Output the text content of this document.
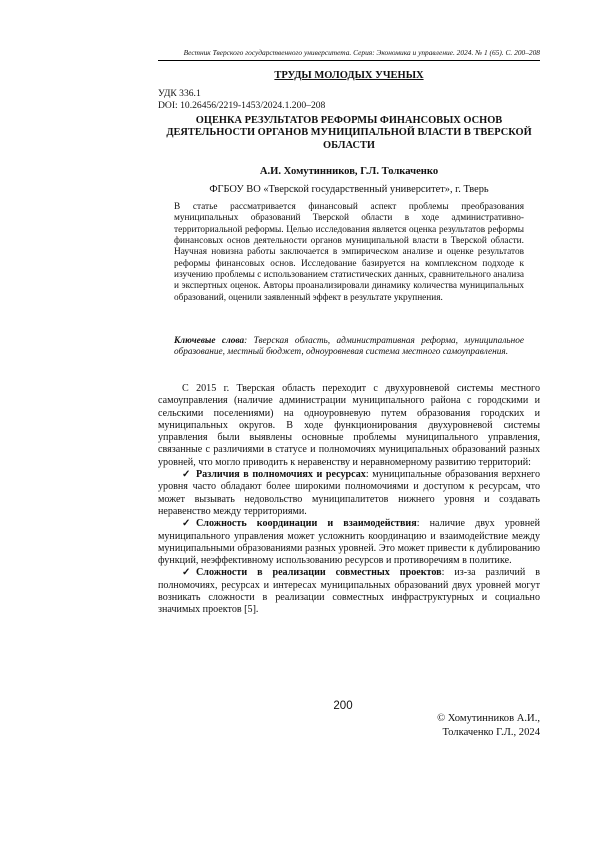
Вестник Тверского государственного университета. Серия: Экономика и управление. 2024. № 1 (65). С. 200–208
ТРУДЫ МОЛОДЫХ УЧЕНЫХ
УДК 336.1
DOI: 10.26456/2219-1453/2024.1.200–208
ОЦЕНКА РЕЗУЛЬТАТОВ РЕФОРМЫ ФИНАНСОВЫХ ОСНОВ ДЕЯТЕЛЬНОСТИ ОРГАНОВ МУНИЦИПАЛЬНОЙ ВЛАСТИ В ТВЕРСКОЙ ОБЛАСТИ
А.И. Хомутинников, Г.Л. Толкаченко
ФГБОУ ВО «Тверской государственный университет», г. Тверь

В статье рассматривается финансовый аспект проблемы преобразования муниципальных образований Тверской области в ходе административно-территориальной реформы. Целью исследования является оценка результатов реформы финансовых основ деятельности органов муниципальной власти в Тверской области. Научная новизна работы заключается в эмпирическом анализе и оценке результатов реформы финансовых основ. Исследование базируется на комплексном подходе к изучению проблемы с использованием статистических данных, сравнительного анализа и экспертных оценок. Авторы проанализировали динамику количества муниципальных образований, оценили заявленный эффект в результате укрупнения.

Ключевые слова: Тверская область, административная реформа, муниципальное образование, местный бюджет, одноуровневая система местного самоуправления.

С 2015 г. Тверская область переходит с двухуровневой системы местного самоуправления (наличие администрации муниципального района с городскими и сельскими поселениями) на одноуровневую путем образования городских и муниципальных округов. В ходе функционирования двухуровневой системы управления были выявлены основные проблемы муниципального управления, связанные с различиями в статусе и полномочиях муниципальных образований разных уровней, что могло приводить к неравенству и неравномерному развитию территорий:

✓ Различия в полномочиях и ресурсах: муниципальные образования верхнего уровня часто обладают более широкими полномочиями и доступом к ресурсам, что может вызывать недовольство муниципалитетов нижнего уровня и создавать неравенство между территориями.

✓ Сложность координации и взаимодействия: наличие двух уровней муниципального управления может усложнить координацию и взаимодействие между муниципальными образованиями разных уровней. Это может привести к дублированию функций, неэффективному использованию ресурсов и противоречиям в политике.

✓ Сложности в реализации совместных проектов: из-за различий в полномочиях, ресурсах и интересах муниципальных образований двух уровней могут возникать сложности в реализации совместных инфраструктурных и социально значимых проектов [5].

200
© Хомутинников А.И.,
Толкаченко Г.Л., 2024
